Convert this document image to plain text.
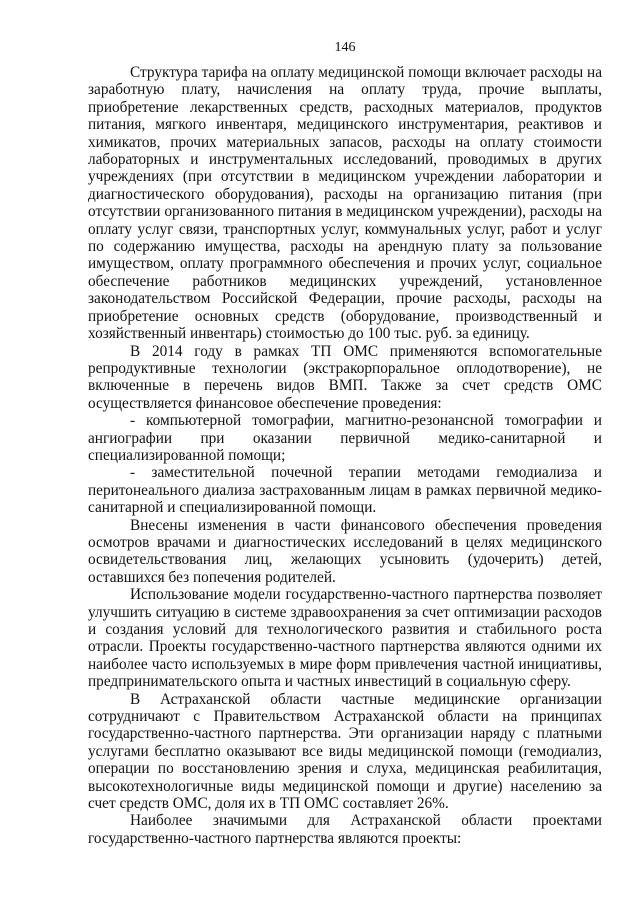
146

Структура тарифа на оплату медицинской помощи включает расходы на заработную плату, начисления на оплату труда, прочие выплаты, приобретение лекарственных средств, расходных материалов, продуктов питания, мягкого инвентаря, медицинского инструментария, реактивов и химикатов, прочих материальных запасов, расходы на оплату стоимости лабораторных и инструментальных исследований, проводимых в других учреждениях (при отсутствии в медицинском учреждении лаборатории и диагностического оборудования), расходы на организацию питания (при отсутствии организованного питания в медицинском учреждении), расходы на оплату услуг связи, транспортных услуг, коммунальных услуг, работ и услуг по содержанию имущества, расходы на арендную плату за пользование имуществом, оплату программного обеспечения и прочих услуг, социальное обеспечение работников медицинских учреждений, установленное законодательством Российской Федерации, прочие расходы, расходы на приобретение основных средств (оборудование, производственный и хозяйственный инвентарь) стоимостью до 100 тыс. руб. за единицу.

В 2014 году в рамках ТП ОМС применяются вспомогательные репродуктивные технологии (экстракорпоральное оплодотворение), не включенные в перечень видов ВМП. Также за счет средств ОМС осуществляется финансовое обеспечение проведения:

- компьютерной томографии, магнитно-резонансной томографии и ангиографии при оказании первичной медико-санитарной и специализированной помощи;

- заместительной почечной терапии методами гемодиализа и перитонеального диализа застрахованным лицам в рамках первичной медико-санитарной и специализированной помощи.

Внесены изменения в части финансового обеспечения проведения осмотров врачами и диагностических исследований в целях медицинского освидетельствования лиц, желающих усыновить (удочерить) детей, оставшихся без попечения родителей.

Использование модели государственно-частного партнерства позволяет улучшить ситуацию в системе здравоохранения за счет оптимизации расходов и создания условий для технологического развития и стабильного роста отрасли. Проекты государственно-частного партнерства являются одними их наиболее часто используемых в мире форм привлечения частной инициативы, предпринимательского опыта и частных инвестиций в социальную сферу.

В Астраханской области частные медицинские организации сотрудничают с Правительством Астраханской области на принципах государственно-частного партнерства. Эти организации наряду с платными услугами бесплатно оказывают все виды медицинской помощи (гемодиализ, операции по восстановлению зрения и слуха, медицинская реабилитация, высокотехнологичные виды медицинской помощи и другие) населению за счет средств ОМС, доля их в ТП ОМС составляет 26%.

Наиболее значимыми для Астраханской области проектами государственно-частного партнерства являются проекты:
